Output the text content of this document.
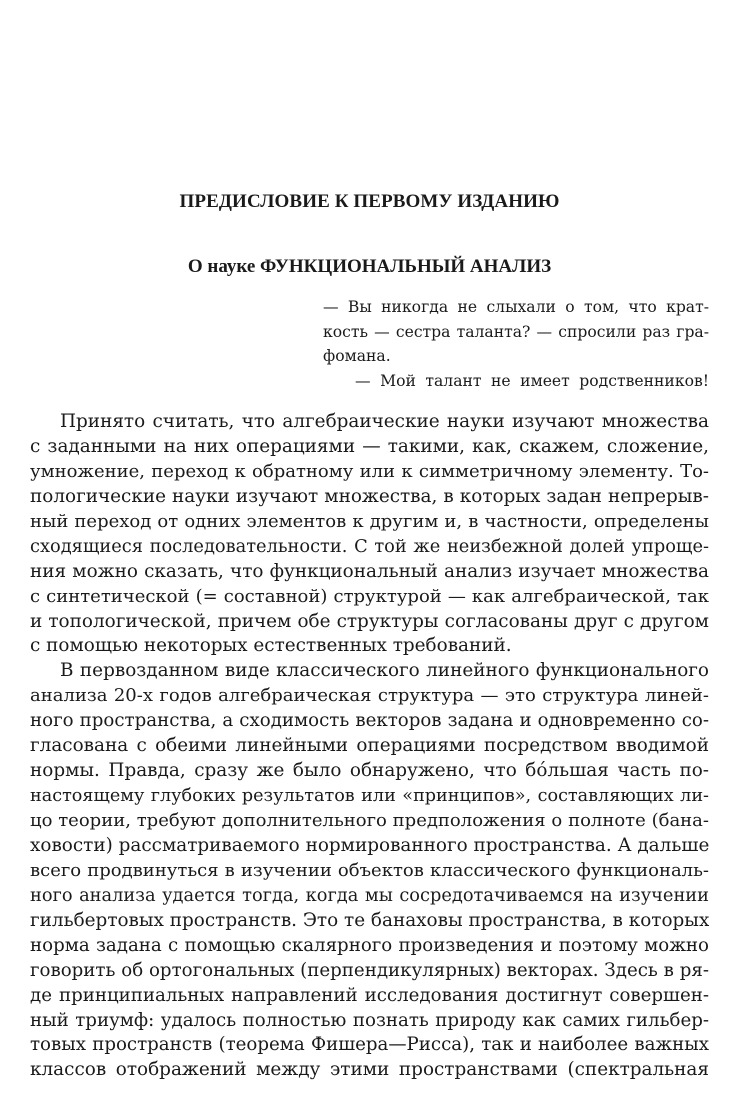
ПРЕДИСЛОВИЕ К ПЕРВОМУ ИЗДАНИЮ
О науке ФУНКЦИОНАЛЬНЫЙ АНАЛИЗ
— Вы никогда не слыхали о том, что крат-
кость — сестра таланта? — спросили раз гра-
фомана.
— Мой талант не имеет родственников!
Принято считать, что алгебраические науки изучают множества
с заданными на них операциями — такими, как, скажем, сложение,
умножение, переход к обратному или к симметричному элементу. То-
пологические науки изучают множества, в которых задан непрерыв-
ный переход от одних элементов к другим и, в частности, определены
сходящиеся последовательности. С той же неизбежной долей упроще-
ния можно сказать, что функциональный анализ изучает множества
с синтетической (= составной) структурой — как алгебраической, так
и топологической, причем обе структуры согласованы друг с другом
с помощью некоторых естественных требований.
В первозданном виде классического линейного функционального
анализа 20-х годов алгебраическая структура — это структура линей-
ного пространства, а сходимость векторов задана и одновременно со-
гласована с обеими линейными операциями посредством вводимой
нормы. Правда, сразу же было обнаружено, что бóльшая часть по-
настоящему глубоких результатов или «принципов», составляющих ли-
цо теории, требуют дополнительного предположения о полноте (бана-
ховости) рассматриваемого нормированного пространства. А дальше
всего продвинуться в изучении объектов классического функциональ-
ного анализа удается тогда, когда мы сосредотачиваемся на изучении
гильбертовых пространств. Это те банаховы пространства, в которых
норма задана с помощью скалярного произведения и поэтому можно
говорить об ортогональных (перпендикулярных) векторах. Здесь в ря-
де принципиальных направлений исследования достигнут совершен-
ный триумф: удалось полностью познать природу как самих гильбер-
товых пространств (теорема Фишера—Рисса), так и наиболее важных
классов отображений между этими пространствами (спектральная
